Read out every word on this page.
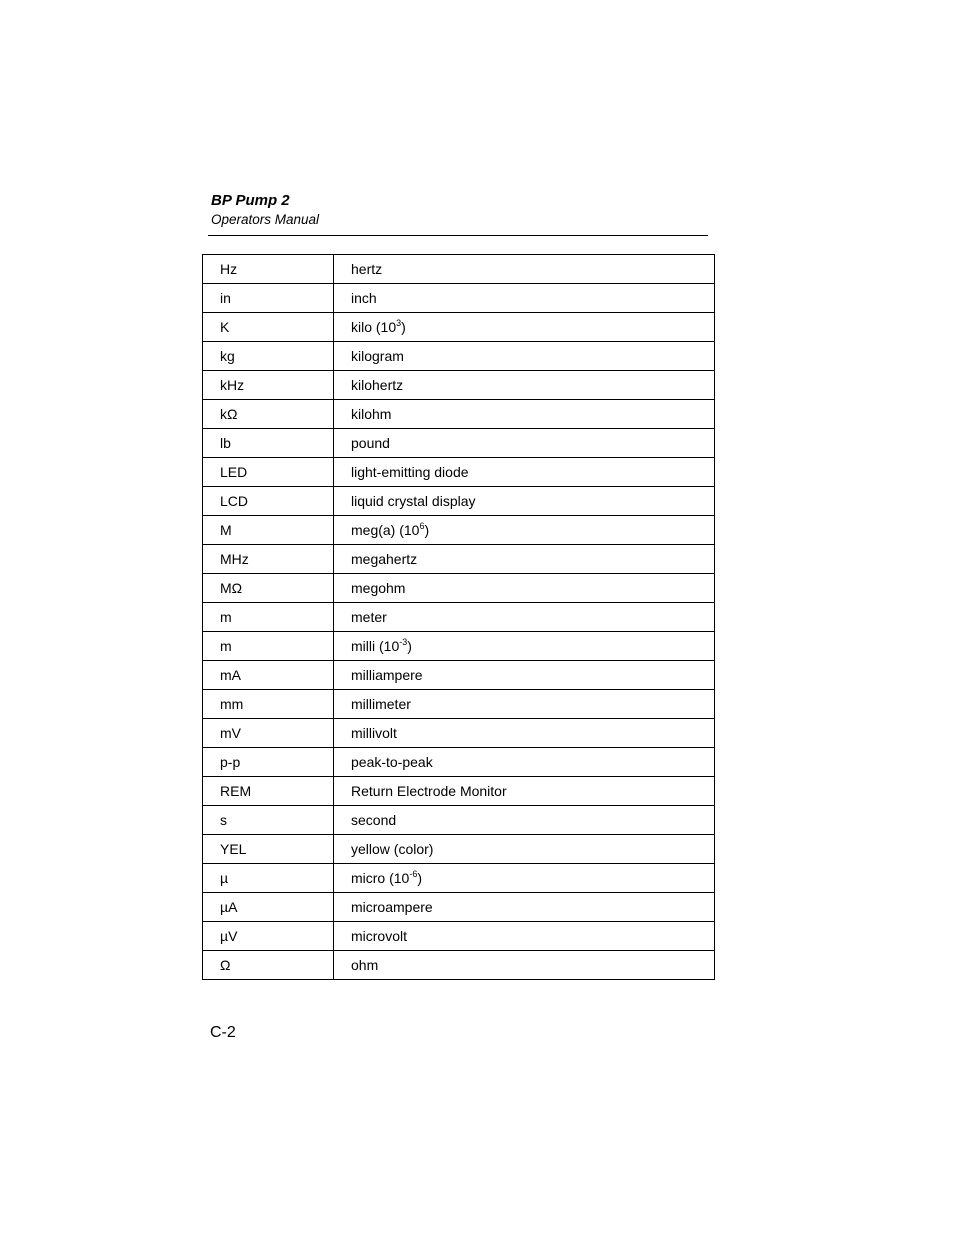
BP Pump 2
Operators Manual
Hz	hertz
in	inch
K	kilo $(10^3)$
kg	kilogram
kHz	kilohertz
kΩ	kilohm
lb	pound
LED	light-emitting diode
LCD	liquid crystal display
M	meg(a) $(10^6)$
MHz	megahertz
MΩ	megohm
m	meter
m	milli $(10^{-3})$
mA	milliampere
mm	millimeter
mV	millivolt
p-p	peak-to-peak
REM	Return Electrode Monitor
s	second
YEL	yellow (color)
µ	micro $(10^{-6})$
µA	microampere
µV	microvolt
Ω	ohm
C-2
